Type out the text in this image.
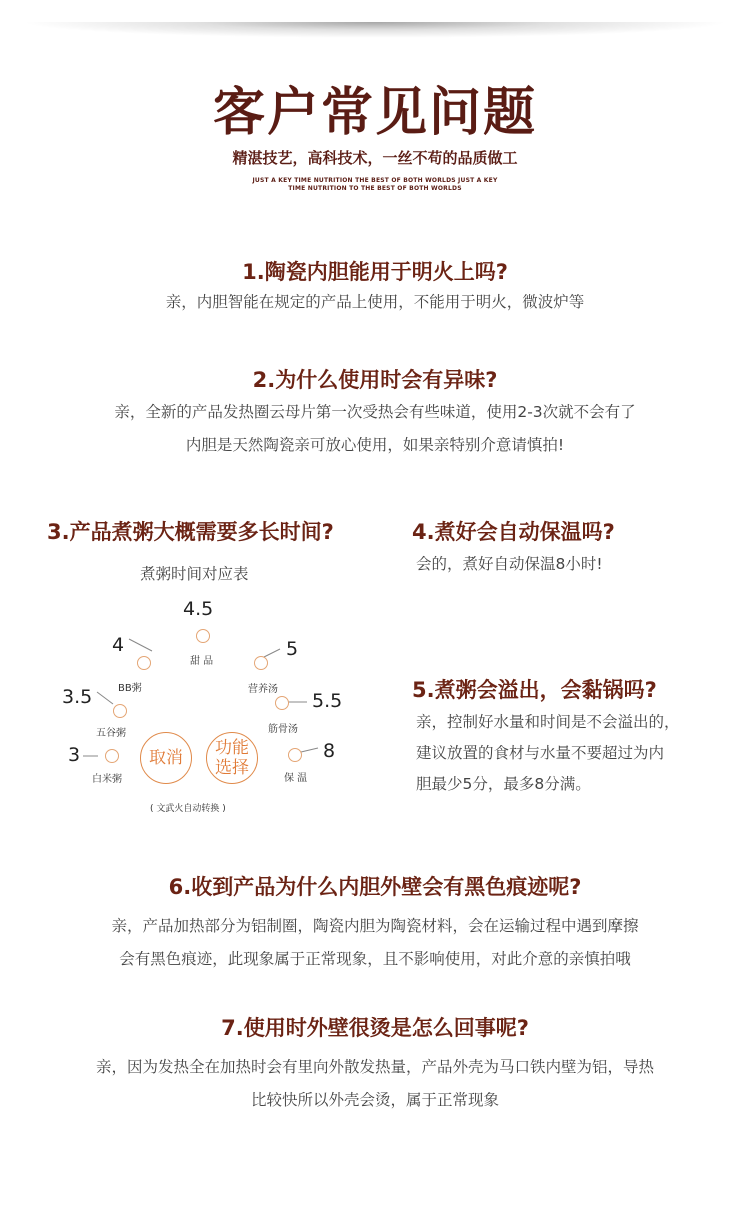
客户常见问题
精湛技艺，高科技术，一丝不苟的品质做工
JUST A KEY TIME NUTRITION THE BEST OF BOTH WORLDS JUST A KEY
TIME NUTRITION TO THE BEST OF BOTH WORLDS
1.陶瓷内胆能用于明火上吗?
亲，内胆智能在规定的产品上使用，不能用于明火，微波炉等
2.为什么使用时会有异味?
亲，全新的产品发热圈云母片第一次受热会有些味道，使用2-3次就不会有了
内胆是天然陶瓷亲可放心使用，如果亲特别介意请慎拍!
3.产品煮粥大概需要多长时间?
煮粥时间对应表
4.5
甜 品
4
BB粥
5
营养汤
3.5
五谷粥
5.5
筋骨汤
3
白米粥
8
保 温
取消 功能
选择
( 文武火自动转换 )
4.煮好会自动保温吗?
会的，煮好自动保温8小时!
5.煮粥会溢出，会黏锅吗?
亲，控制好水量和时间是不会溢出的，
建议放置的食材与水量不要超过为内
胆最少5分，最多8分满。
6.收到产品为什么内胆外壁会有黑色痕迹呢?
亲，产品加热部分为铝制圈，陶瓷内胆为陶瓷材料，会在运输过程中遇到摩擦
会有黑色痕迹，此现象属于正常现象，且不影响使用，对此介意的亲慎拍哦
7.使用时外壁很烫是怎么回事呢?
亲，因为发热全在加热时会有里向外散发热量，产品外壳为马口铁内壁为铝，导热
比较快所以外壳会烫，属于正常现象
